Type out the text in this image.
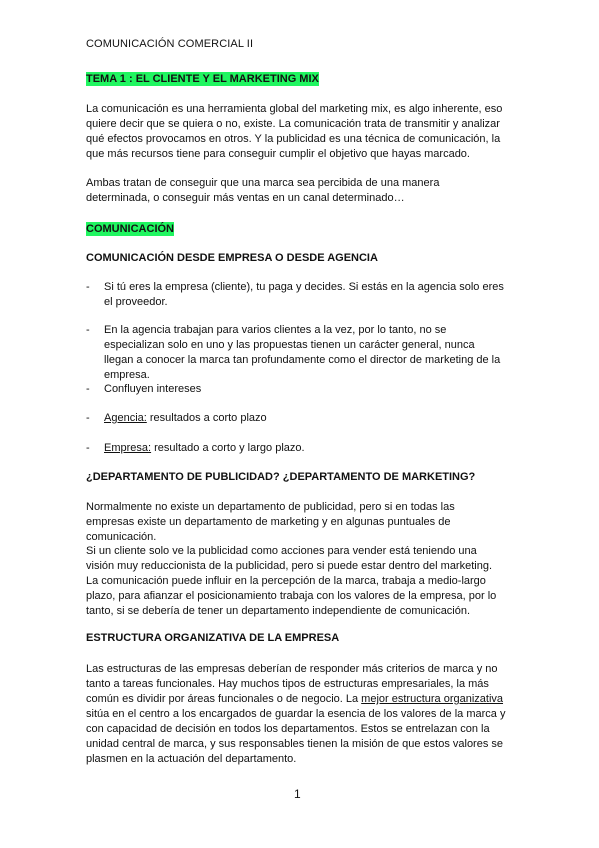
COMUNICACIÓN COMERCIAL II
TEMA 1 : EL CLIENTE Y EL MARKETING MIX
La comunicación es una herramienta global del marketing mix, es algo inherente, eso quiere decir que se quiera o no, existe. La comunicación trata de transmitir y analizar qué efectos provocamos en otros. Y la publicidad es una técnica de comunicación, la que más recursos tiene para conseguir cumplir el objetivo que hayas marcado.
Ambas tratan de conseguir que una marca sea percibida de una manera determinada, o conseguir más ventas en un canal determinado…
COMUNICACIÓN
COMUNICACIÓN DESDE EMPRESA O DESDE AGENCIA
- Si tú eres la empresa (cliente), tu paga y decides. Si estás en la agencia solo eres el proveedor.
- En la agencia trabajan para varios clientes a la vez, por lo tanto, no se especializan solo en uno y las propuestas tienen un carácter general, nunca llegan a conocer la marca tan profundamente como el director de marketing de la empresa.
- Confluyen intereses
- Agencia: resultados a corto plazo
- Empresa: resultado a corto y largo plazo.
¿DEPARTAMENTO DE PUBLICIDAD? ¿DEPARTAMENTO DE MARKETING?
Normalmente no existe un departamento de publicidad, pero si en todas las empresas existe un departamento de marketing y en algunas puntuales de comunicación.
Si un cliente solo ve la publicidad como acciones para vender está teniendo una visión muy reduccionista de la publicidad, pero si puede estar dentro del marketing. La comunicación puede influir en la percepción de la marca, trabaja a medio-largo plazo, para afianzar el posicionamiento trabaja con los valores de la empresa, por lo tanto, si se debería de tener un departamento independiente de comunicación.
ESTRUCTURA ORGANIZATIVA DE LA EMPRESA
Las estructuras de las empresas deberían de responder más criterios de marca y no tanto a tareas funcionales. Hay muchos tipos de estructuras empresariales, la más común es dividir por áreas funcionales o de negocio. La mejor estructura organizativa sitúa en el centro a los encargados de guardar la esencia de los valores de la marca y con capacidad de decisión en todos los departamentos. Estos se entrelazan con la unidad central de marca, y sus responsables tienen la misión de que estos valores se plasmen en la actuación del departamento.
1
